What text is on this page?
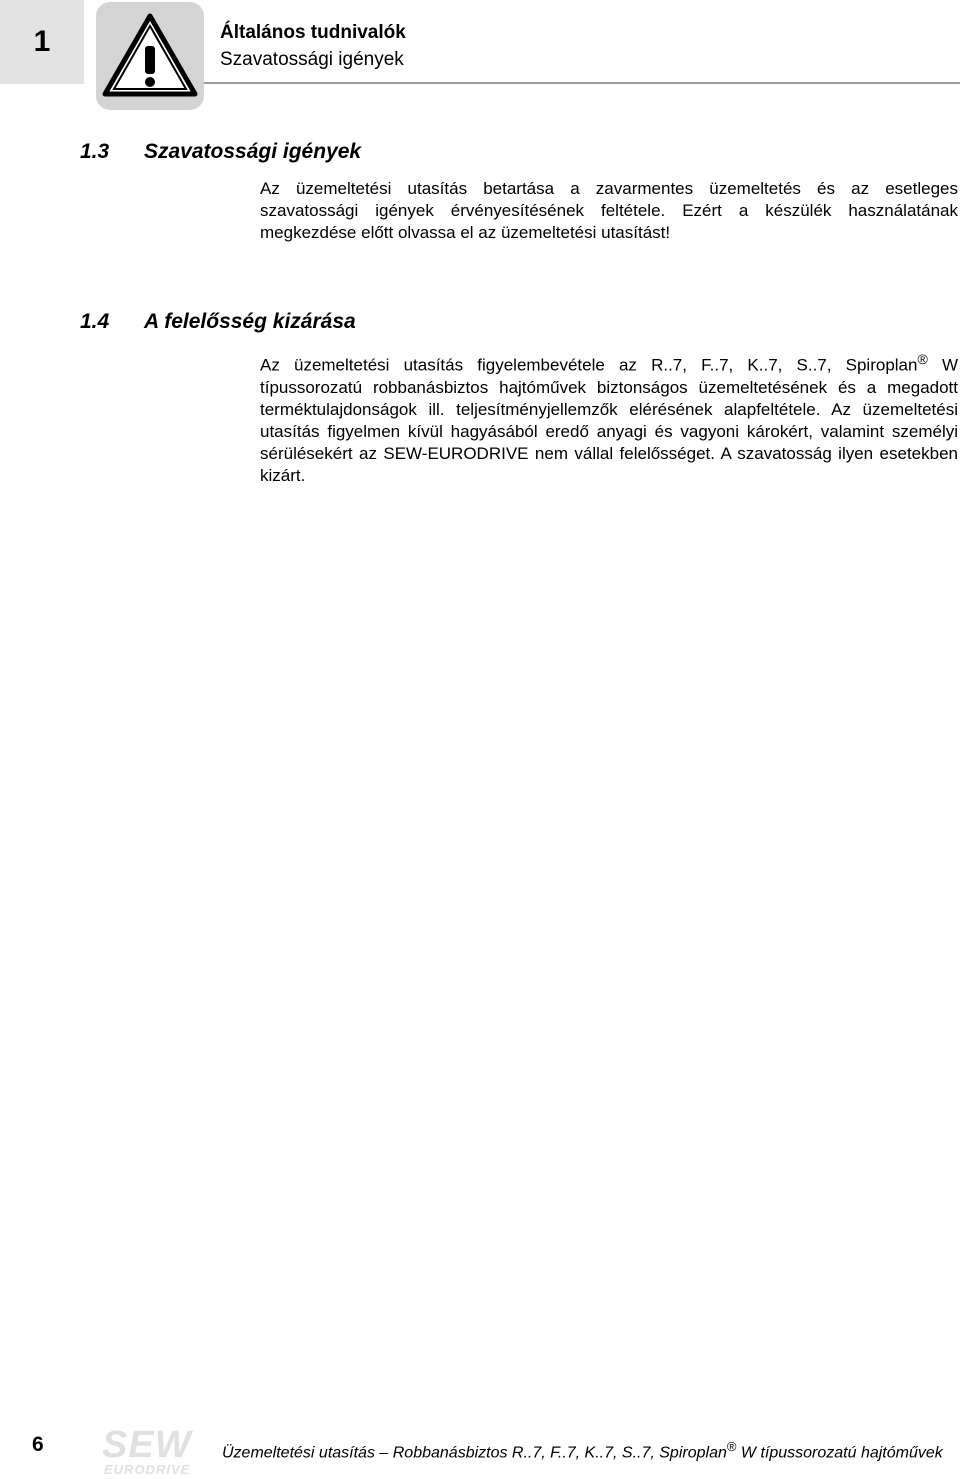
1	Általános tudnivalók
Szavatossági igények
1.3 Szavatossági igények
Az üzemeltetési utasítás betartása a zavarmentes üzemeltetés és az esetleges szavatossági igények érvényesítésének feltétele. Ezért a készülék használatának megkezdése előtt olvassa el az üzemeltetési utasítást!
1.4 A felelősség kizárása
Az üzemeltetési utasítás figyelembevétele az R..7, F..7, K..7, S..7, Spiroplan® W típussorozatú robbanásbiztos hajtóművek biztonságos üzemeltetésének és a megadott terméktulajdonságok ill. teljesítményjellemzők elérésének alapfeltétele. Az üzemeltetési utasítás figyelmen kívül hagyásából eredő anyagi és vagyoni károkért, valamint személyi sérülésekért az SEW-EURODRIVE nem vállal felelősséget. A szavatosság ilyen esetekben kizárt.
6 SEW
EURODRIVE
Üzemeltetési utasítás – Robbanásbiztos R..7, F..7, K..7, S..7, Spiroplan® W típussorozatú hajtóművek
